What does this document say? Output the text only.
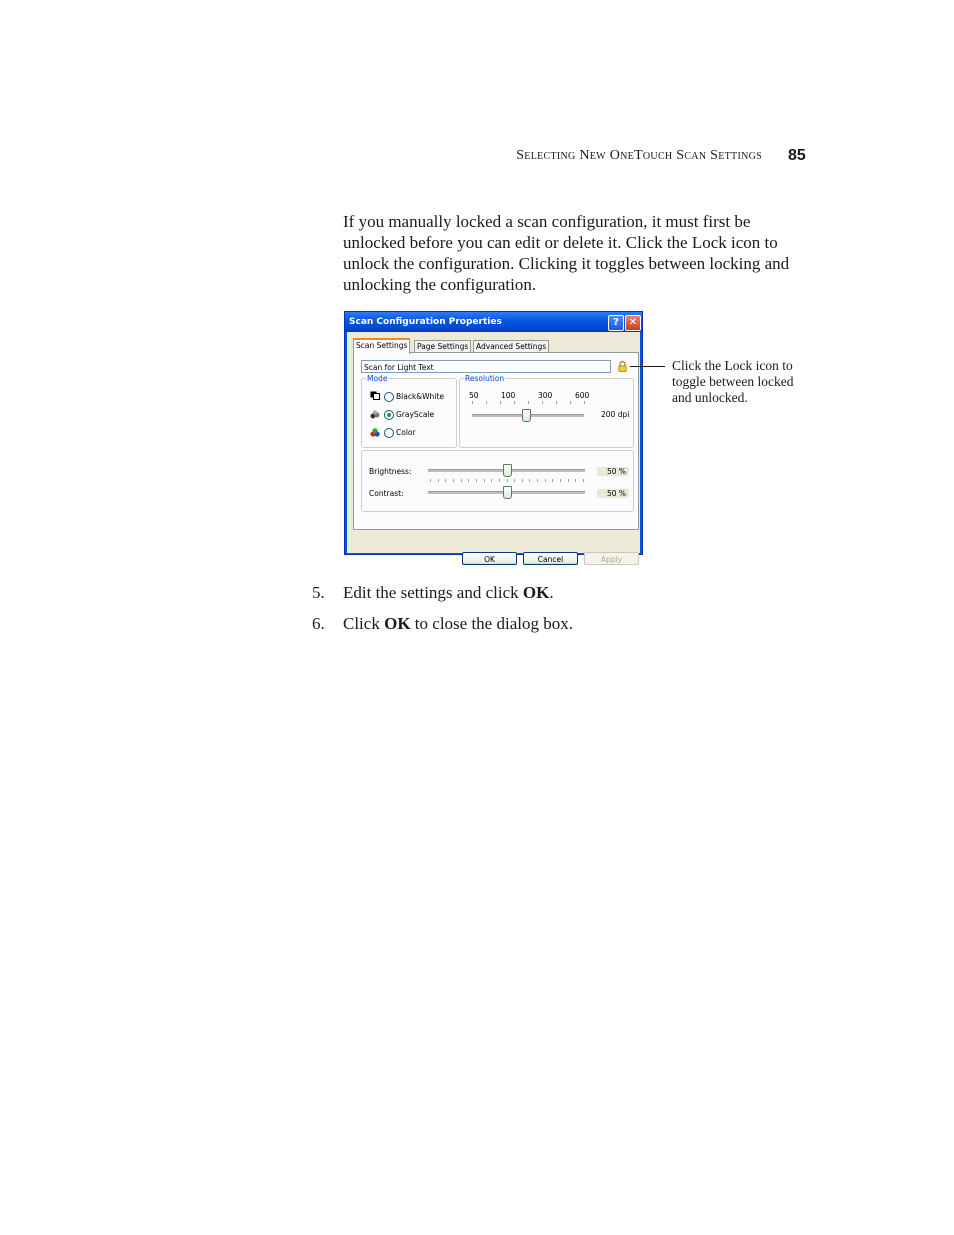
Selecting New OneTouch Scan Settings 85

If you manually locked a scan configuration, it must first be unlocked before you can edit or delete it. Click the Lock icon to unlock the configuration. Clicking it toggles between locking and unlocking the configuration.

Scan Configuration Properties	? ✕
Scan Settings	Page Settings	Advanced Settings
Scan for Light Text
Mode
Black&White
GrayScale
Color
Resolution
50	100	300	600
200 dpi
Brightness:	50 %
Contrast:	50 %
OK	Cancel	Apply
Click the Lock icon to toggle between locked and unlocked.
5. Edit the settings and click OK.
6. Click OK to close the dialog box.
